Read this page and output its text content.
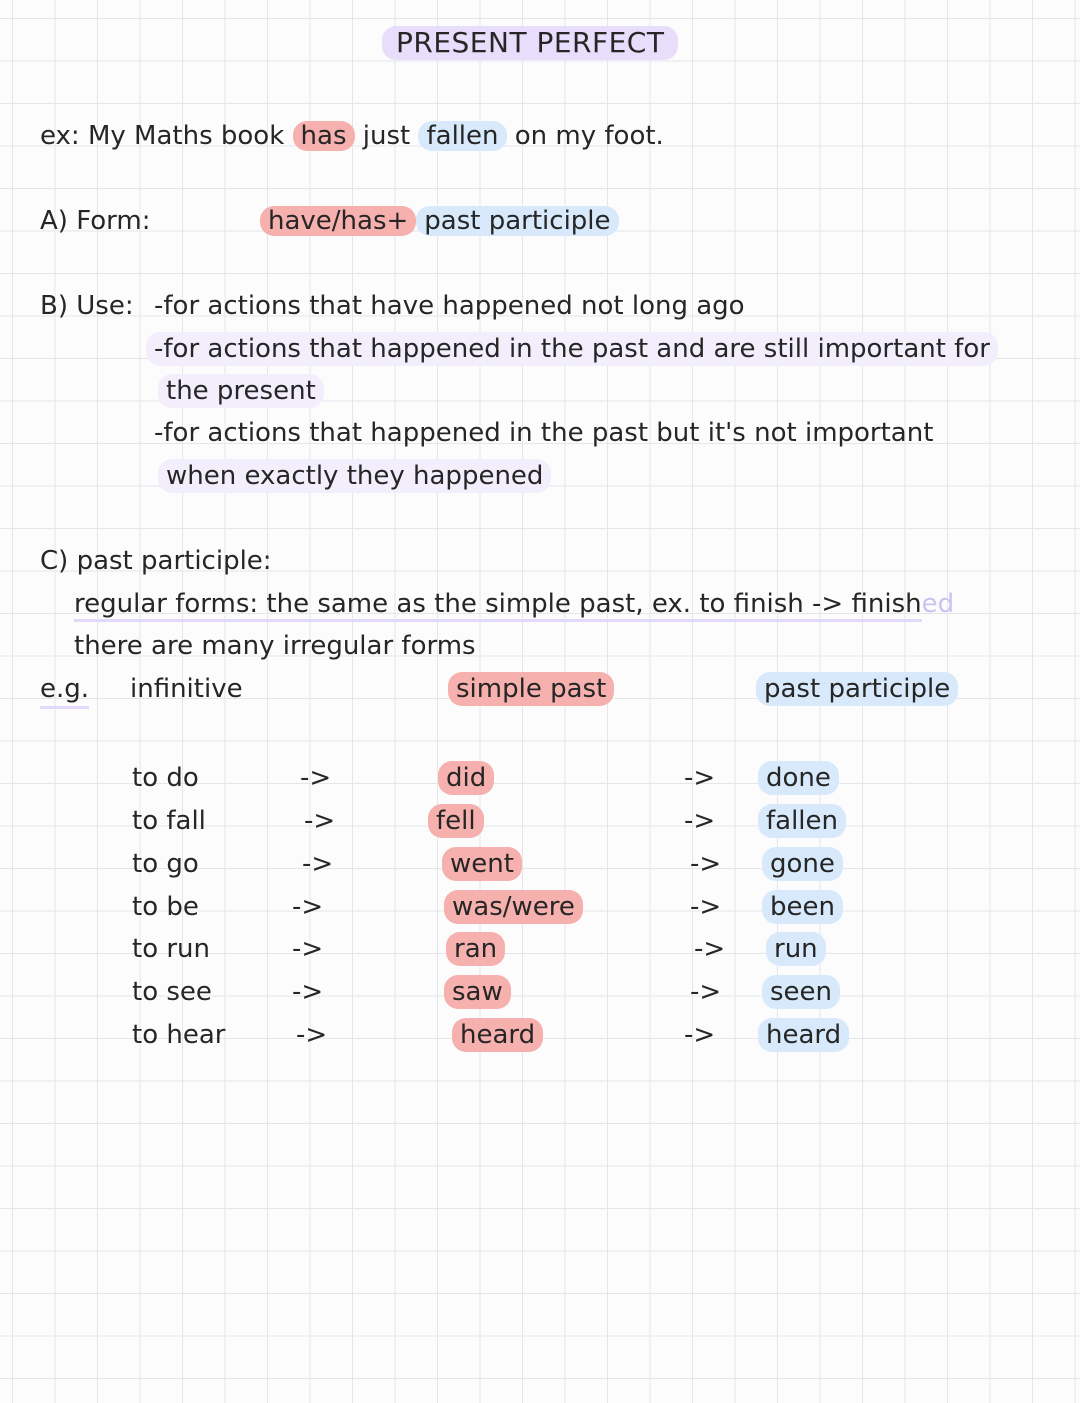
PRESENT PERFECT
ex: My Maths book has just fallen on my foot.
A) Form:	have/has+ past participle
B) Use: -for actions that have happened not long ago
-for actions that happened in the past and are still important for
the present
-for actions that happened in the past but it's not important
when exactly they happened
C) past participle:
regular forms: the same as the simple past, ex. to finish -> finished
there are many irregular forms
e.g. infinitive	simple past	past participle
to do	->	did	->	done
to fall	->	fell	->	fallen
to go	->	went	->	gone
to be	->	was/were	->	been
to run	->	ran	->	run
to see	->	saw	->	seen
to hear	->	heard	->	heard
